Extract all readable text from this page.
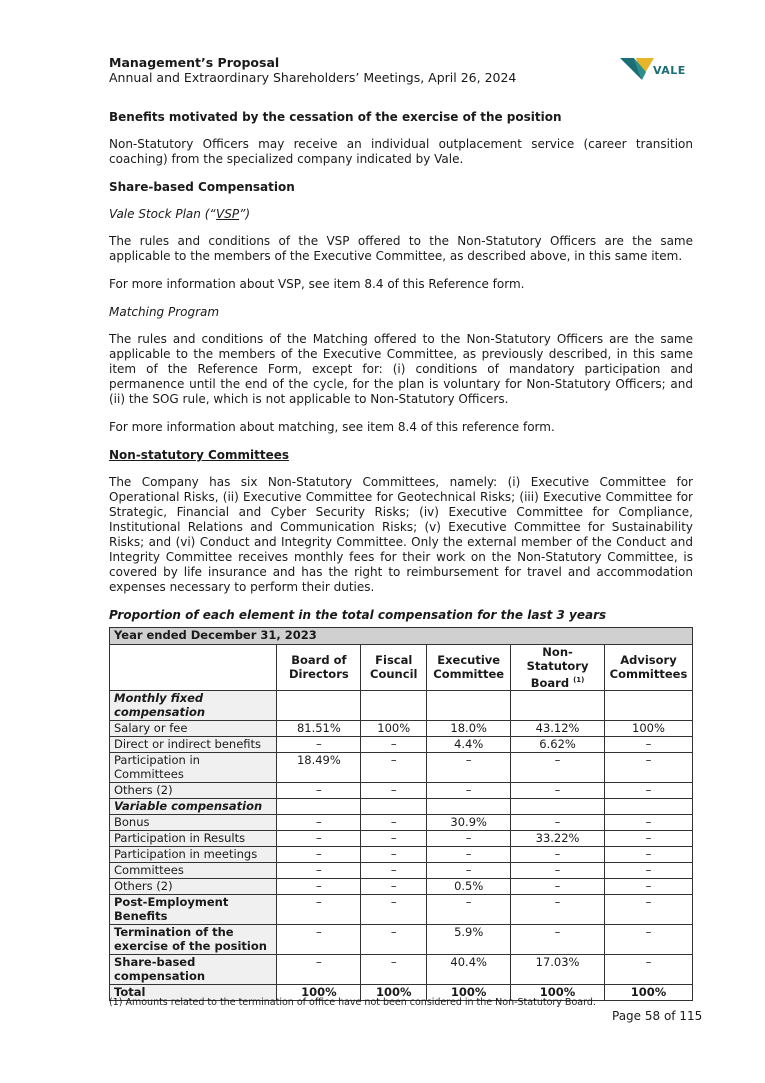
Management’s Proposal
Annual and Extraordinary Shareholders’ Meetings, April 26, 2024	VALE
Benefits motivated by the cessation of the exercise of the position
Non-Statutory Officers may receive an individual outplacement service (career transition coaching) from the specialized company indicated by Vale.
Share-based Compensation
Vale Stock Plan (“VSP”)
The rules and conditions of the VSP offered to the Non-Statutory Officers are the same applicable to the members of the Executive Committee, as described above, in this same item.
For more information about VSP, see item 8.4 of this Reference form.
Matching Program
The rules and conditions of the Matching offered to the Non-Statutory Officers are the same applicable to the members of the Executive Committee, as previously described, in this same item of the Reference Form, except for: (i) conditions of mandatory participation and permanence until the end of the cycle, for the plan is voluntary for Non-Statutory Officers; and (ii) the SOG rule, which is not applicable to Non-Statutory Officers.
For more information about matching, see item 8.4 of this reference form.
Non-statutory Committees
The Company has six Non-Statutory Committees, namely: (i) Executive Committee for Operational Risks, (ii) Executive Committee for Geotechnical Risks; (iii) Executive Committee for Strategic, Financial and Cyber Security Risks; (iv) Executive Committee for Compliance, Institutional Relations and Communication Risks; (v) Executive Committee for Sustainability Risks; and (vi) Conduct and Integrity Committee. Only the external member of the Conduct and Integrity Committee receives monthly fees for their work on the Non-Statutory Committee, is covered by life insurance and has the right to reimbursement for travel and accommodation expenses necessary to perform their duties.
Proportion of each element in the total compensation for the last 3 years
Year ended December 31, 2023					
	Board of Directors	Fiscal Council	Executive Committee	Non-Statutory Board $^{(1)}$	Advisory Committees
Monthly fixed compensation					
Salary or fee	81.51%	100%	18.0%	43.12%	100%
Direct or indirect benefits	–	–	4.4%	6.62%	–
Participation in Committees	18.49%	–	–	–	–
Others (2)	–	–	–	–	–
Variable compensation					
Bonus	–	–	30.9%	–	–
Participation in Results	–	–	–	33.22%	–
Participation in meetings	–	–	–	–	–
Committees	–	–	–	–	–
Others (2)	–	–	0.5%	–	–
Post-Employment Benefits	–	–	–	–	–
Termination of the exercise of the position	–	–	5.9%	–	–
Share-based compensation	–	–	40.4%	17.03%	–
Total	100%	100%	100%	100%	100%
(1) Amounts related to the termination of office have not been considered in the Non-Statutory Board.
Page 58 of 115
